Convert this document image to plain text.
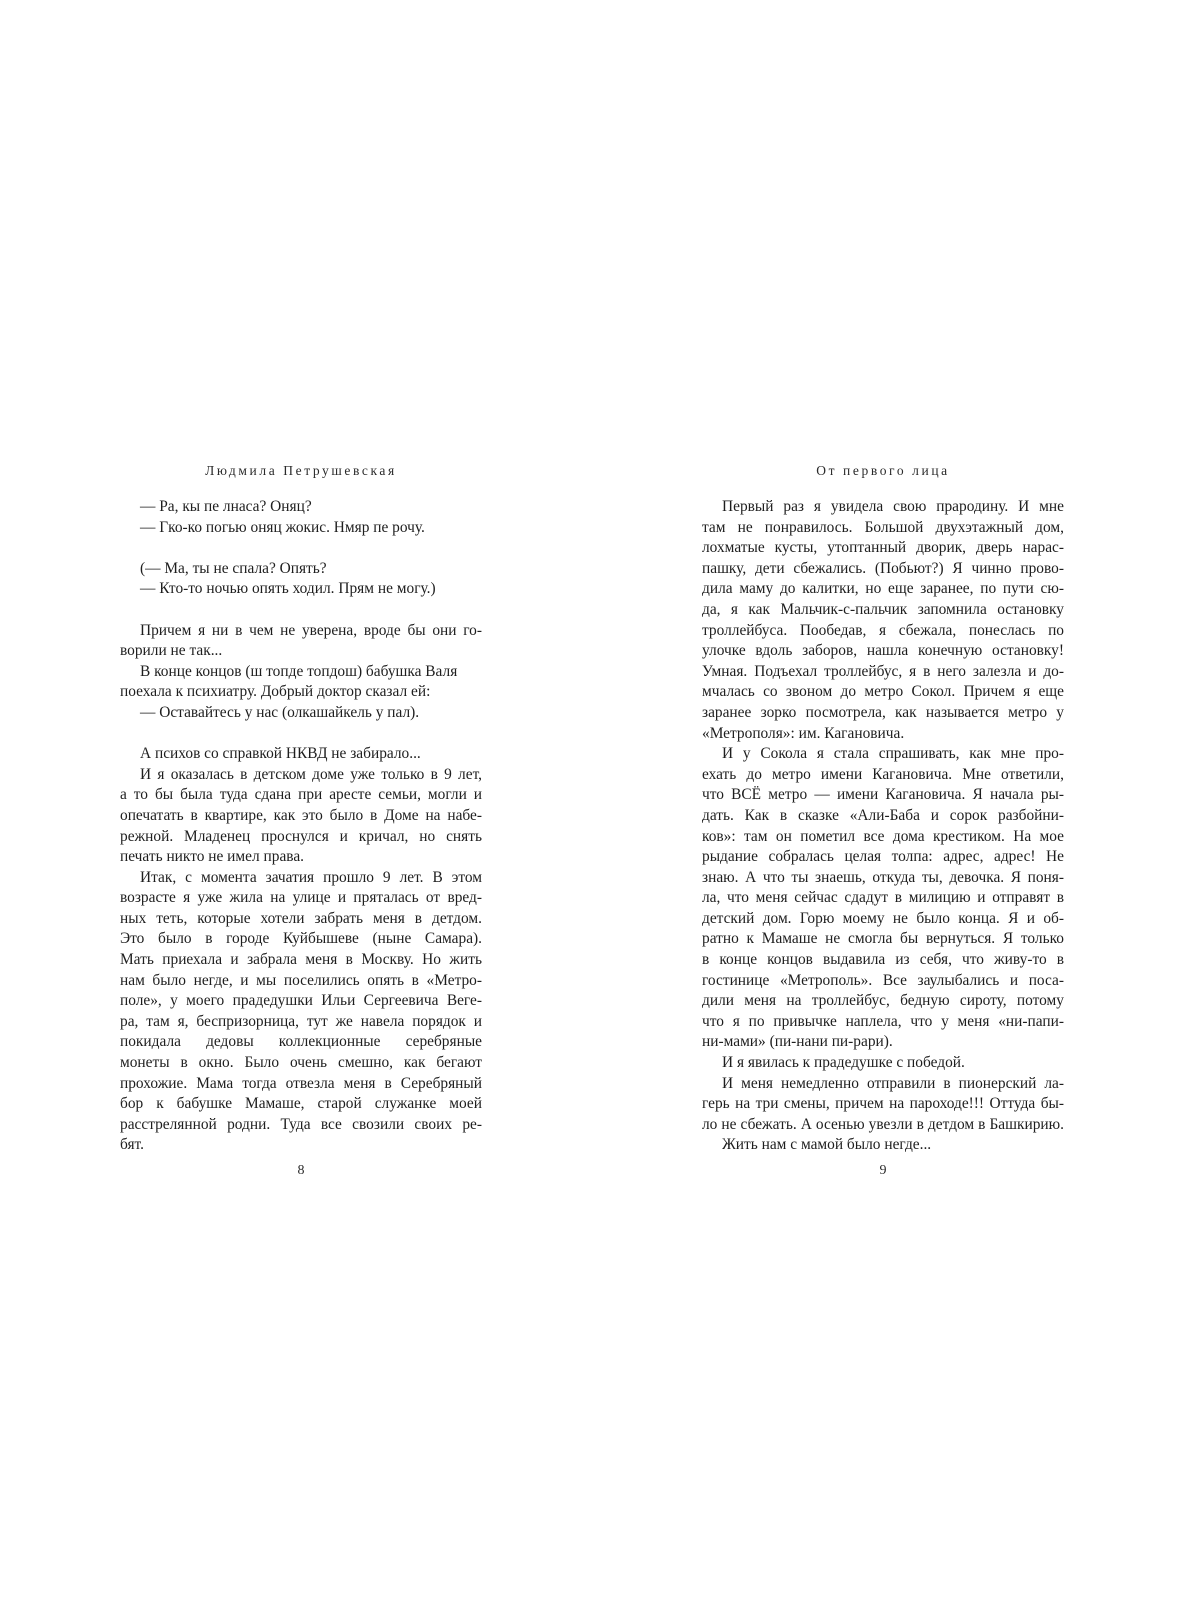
Людмила Петрушевская
— Ра, кы пе лнаса? Оняц?
— Гко-ко погью оняц жокис. Нмяр пе рочу.
(— Ма, ты не спала? Опять?
— Кто-то ночью опять ходил. Прям не могу.)
Причем я ни в чем не уверена, вроде бы они го-
ворили не так...
В конце концов (ш топде топдош) бабушка Валя
поехала к психиатру. Добрый доктор сказал ей:
— Оставайтесь у нас (олкашайкель у пал).
А психов со справкой НКВД не забирало...
И я оказалась в детском доме уже только в 9 лет,
а то бы была туда сдана при аресте семьи, могли и
опечатать в квартире, как это было в Доме на набе-
режной. Младенец проснулся и кричал, но снять
печать никто не имел права.
Итак, с момента зачатия прошло 9 лет. В этом
возрасте я уже жила на улице и пряталась от вред-
ных теть, которые хотели забрать меня в детдом.
Это было в городе Куйбышеве (ныне Самара).
Мать приехала и забрала меня в Москву. Но жить
нам было негде, и мы поселились опять в «Метро-
поле», у моего прадедушки Ильи Сергеевича Веге-
ра, там я, беспризорница, тут же навела порядок и
покидала дедовы коллекционные серебряные
монеты в окно. Было очень смешно, как бегают
прохожие. Мама тогда отвезла меня в Серебряный
бор к бабушке Мамаше, старой служанке моей
расстрелянной родни. Туда все свозили своих ре-
бят.
8
От первого лица
Первый раз я увидела свою прародину. И мне
там не понравилось. Большой двухэтажный дом,
лохматые кусты, утоптанный дворик, дверь нарас-
пашку, дети сбежались. (Побьют?) Я чинно прово-
дила маму до калитки, но еще заранее, по пути сю-
да, я как Мальчик-с-пальчик запомнила остановку
троллейбуса. Пообедав, я сбежала, понеслась по
улочке вдоль заборов, нашла конечную остановку!
Умная. Подъехал троллейбус, я в него залезла и до-
мчалась со звоном до метро Сокол. Причем я еще
заранее зорко посмотрела, как называется метро у
«Метрополя»: им. Кагановича.
И у Сокола я стала спрашивать, как мне про-
ехать до метро имени Кагановича. Мне ответили,
что ВСЁ метро — имени Кагановича. Я начала ры-
дать. Как в сказке «Али-Баба и сорок разбойни-
ков»: там он пометил все дома крестиком. На мое
рыдание собралась целая толпа: адрес, адрес! Не
знаю. А что ты знаешь, откуда ты, девочка. Я поня-
ла, что меня сейчас сдадут в милицию и отправят в
детский дом. Горю моему не было конца. Я и об-
ратно к Мамаше не смогла бы вернуться. Я только
в конце концов выдавила из себя, что живу-то в
гостинице «Метрополь». Все заулыбались и поса-
дили меня на троллейбус, бедную сироту, потому
что я по привычке наплела, что у меня «ни-папи-
ни-мами» (пи-нани пи-рари).
И я явилась к прадедушке с победой.
И меня немедленно отправили в пионерский ла-
герь на три смены, причем на пароходе!!! Оттуда бы-
ло не сбежать. А осенью увезли в детдом в Башкирию.
Жить нам с мамой было негде...
9
